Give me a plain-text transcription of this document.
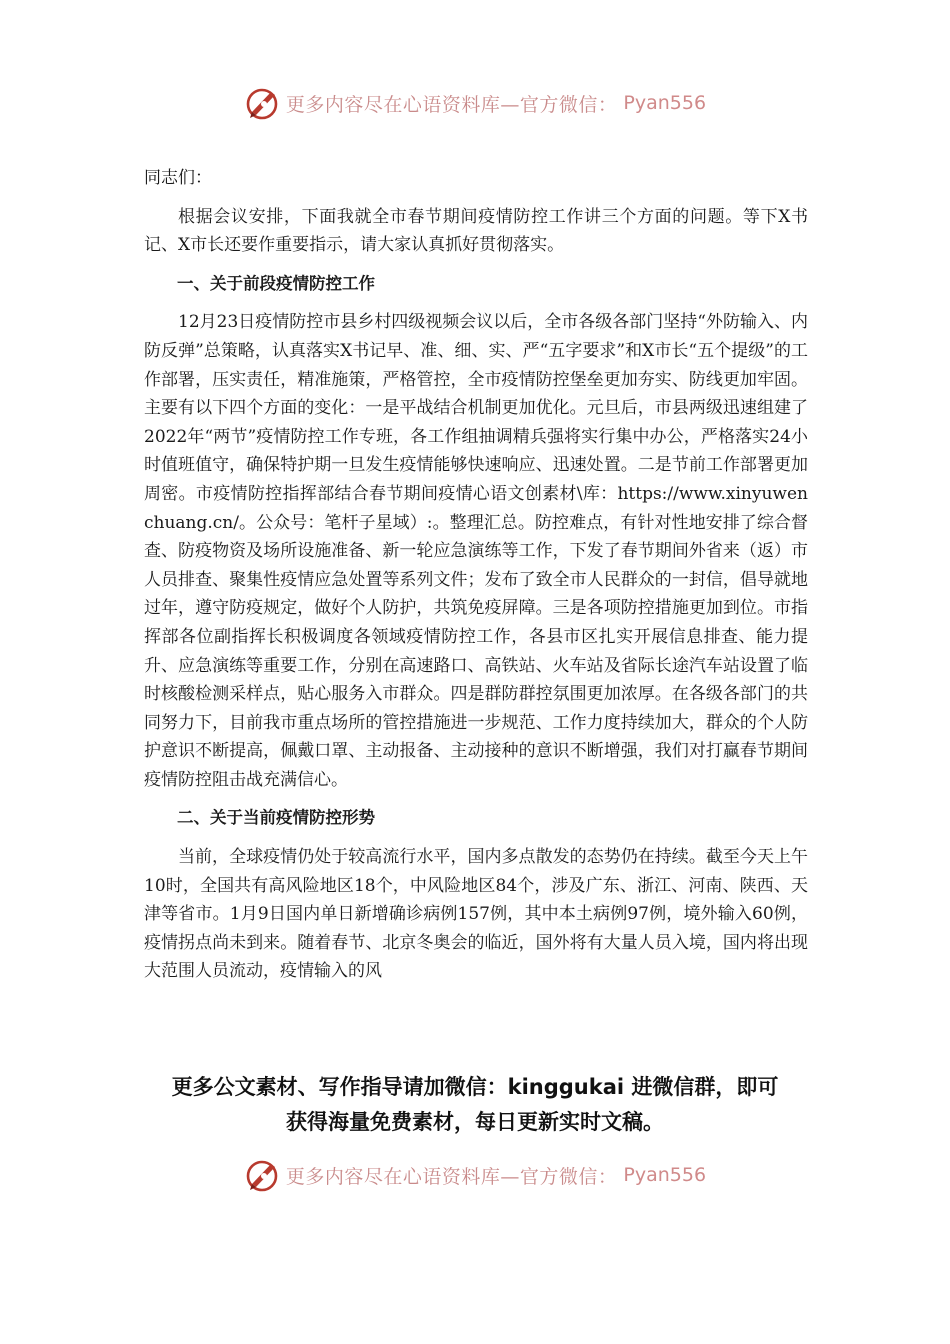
更多内容尽在心语资料库—官方微信： Pyan556

同志们：

根据会议安排，下面我就全市春节期间疫情防控工作讲三个方面的问题。等下X书记、X市长还要作重要指示，请大家认真抓好贯彻落实。

一、关于前段疫情防控工作

12月23日疫情防控市县乡村四级视频会议以后，全市各级各部门坚持“外防输入、内防反弹”总策略，认真落实X书记早、准、细、实、严“五字要求”和X市长“五个提级”的工作部署，压实责任，精准施策，严格管控，全市疫情防控堡垒更加夯实、防线更加牢固。主要有以下四个方面的变化：一是平战结合机制更加优化。元旦后，市县两级迅速组建了2022年“两节”疫情防控工作专班，各工作组抽调精兵强将实行集中办公，严格落实24小时值班值守，确保特护期一旦发生疫情能够快速响应、迅速处置。二是节前工作部署更加周密。市疫情防控指挥部结合春节期间疫情心语文创素材\库：https://www.xinyuwenchuang.cn/。公众号：笔杆子星域）:。整理汇总。防控难点，有针对性地安排了综合督查、防疫物资及场所设施准备、新一轮应急演练等工作，下发了春节期间外省来（返）市人员排查、聚集性疫情应急处置等系列文件；发布了致全市人民群众的一封信，倡导就地过年，遵守防疫规定，做好个人防护，共筑免疫屏障。三是各项防控措施更加到位。市指挥部各位副指挥长积极调度各领域疫情防控工作，各县市区扎实开展信息排查、能力提升、应急演练等重要工作，分别在高速路口、高铁站、火车站及省际长途汽车站设置了临时核酸检测采样点，贴心服务入市群众。四是群防群控氛围更加浓厚。在各级各部门的共同努力下，目前我市重点场所的管控措施进一步规范、工作力度持续加大，群众的个人防护意识不断提高，佩戴口罩、主动报备、主动接种的意识不断增强，我们对打赢春节期间疫情防控阻击战充满信心。

二、关于当前疫情防控形势

当前，全球疫情仍处于较高流行水平，国内多点散发的态势仍在持续。截至今天上午10时，全国共有高风险地区18个，中风险地区84个，涉及广东、浙江、河南、陕西、天津等省市。1月9日国内单日新增确诊病例157例，其中本土病例97例，境外输入60例，疫情拐点尚未到来。随着春节、北京冬奥会的临近，国外将有大量人员入境，国内将出现大范围人员流动，疫情输入的风

更多公文素材、写作指导请加微信：kinggukai 进微信群，即可
获得海量免费素材，每日更新实时文稿。
更多内容尽在心语资料库—官方微信： Pyan556
